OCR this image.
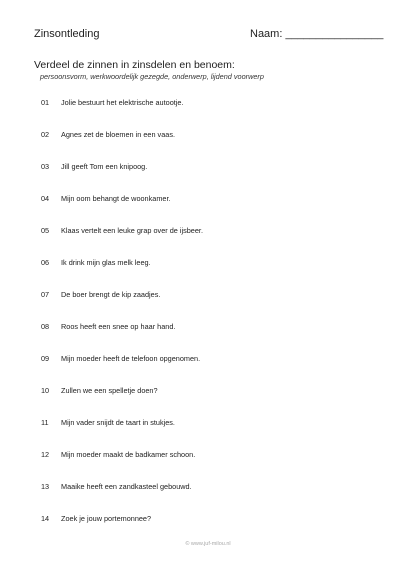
Zinsontleding	Naam: ________________
Verdeel de zinnen in zinsdelen en benoem:
persoonsvorm, werkwoordelijk gezegde, onderwerp, lijdend voorwerp
01 Jolie bestuurt het elektrische autootje.
02 Agnes zet de bloemen in een vaas.
03 Jill geeft Tom een knipoog.
04 Mijn oom behangt de woonkamer.
05 Klaas vertelt een leuke grap over de ijsbeer.
06 Ik drink mijn glas melk leeg.
07 De boer brengt de kip zaadjes.
08 Roos heeft een snee op haar hand.
09 Mijn moeder heeft de telefoon opgenomen.
10 Zullen we een spelletje doen?
11 Mijn vader snijdt de taart in stukjes.
12 Mijn moeder maakt de badkamer schoon.
13 Maaike heeft een zandkasteel gebouwd.
14 Zoek je jouw portemonnee?
© www.juf-milou.nl
